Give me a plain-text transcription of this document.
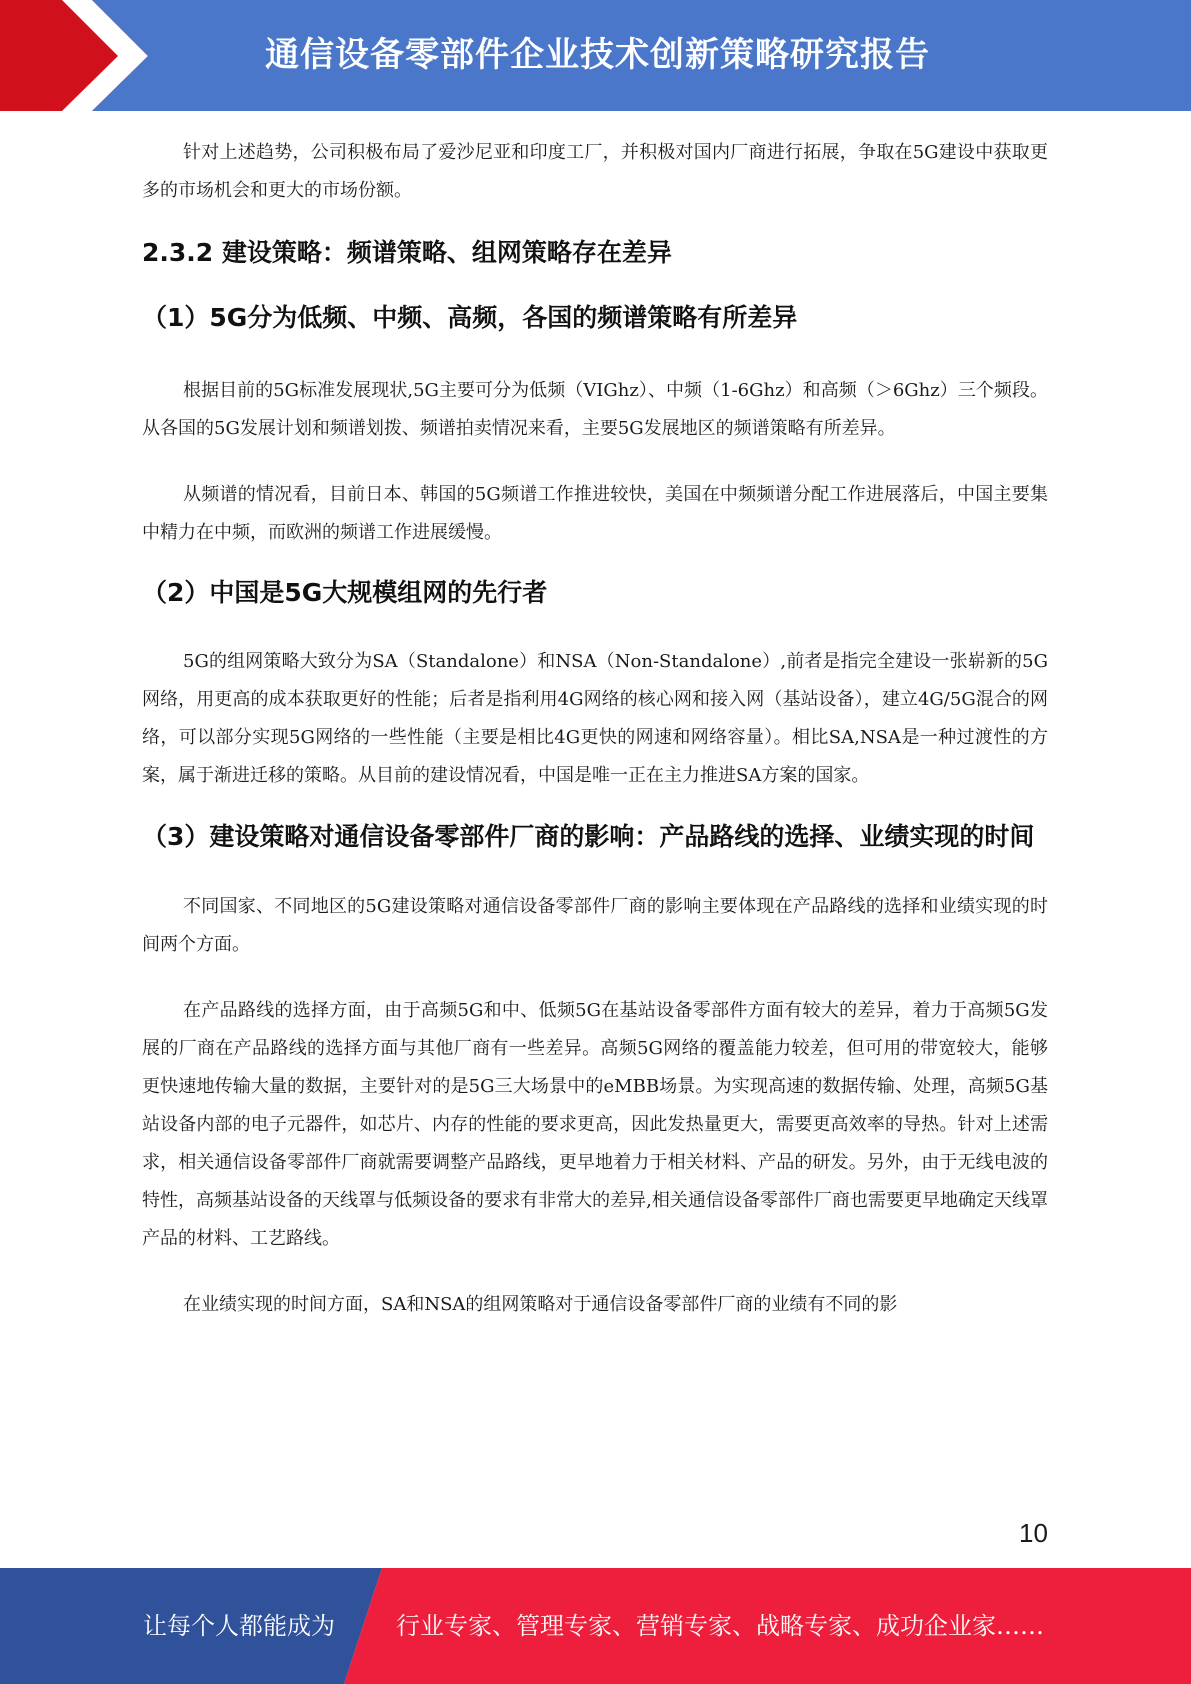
通信设备零部件企业技术创新策略研究报告

针对上述趋势，公司积极布局了爱沙尼亚和印度工厂，并积极对国内厂商进行拓展，争取在5G建设中获取更多的市场机会和更大的市场份额。

2.3.2 建设策略：频谱策略、组网策略存在差异
（1）5G分为低频、中频、高频，各国的频谱策略有所差异

根据目前的5G标准发展现状,5G主要可分为低频（VIGhz）、中频（1-6Ghz）和高频（＞6Ghz）三个频段。从各国的5G发展计划和频谱划拨、频谱拍卖情况来看，主要5G发展地区的频谱策略有所差异。

从频谱的情况看，目前日本、韩国的5G频谱工作推进较快，美国在中频频谱分配工作进展落后，中国主要集中精力在中频，而欧洲的频谱工作进展缓慢。

（2）中国是5G大规模组网的先行者

5G的组网策略大致分为SA（Standalone）和NSA（Non-Standalone）,前者是指完全建设一张崭新的5G网络，用更高的成本获取更好的性能；后者是指利用4G网络的核心网和接入网（基站设备），建立4G/5G混合的网络，可以部分实现5G网络的一些性能（主要是相比4G更快的网速和网络容量）。相比SA,NSA是一种过渡性的方案，属于渐进迁移的策略。从目前的建设情况看，中国是唯一正在主力推进SA方案的国家。

（3）建设策略对通信设备零部件厂商的影响：产品路线的选择、业绩实现的时间

不同国家、不同地区的5G建设策略对通信设备零部件厂商的影响主要体现在产品路线的选择和业绩实现的时间两个方面。

在产品路线的选择方面，由于高频5G和中、低频5G在基站设备零部件方面有较大的差异，着力于高频5G发展的厂商在产品路线的选择方面与其他厂商有一些差异。高频5G网络的覆盖能力较差，但可用的带宽较大，能够更快速地传输大量的数据，主要针对的是5G三大场景中的eMBB场景。为实现高速的数据传输、处理，高频5G基站设备内部的电子元器件，如芯片、内存的性能的要求更高，因此发热量更大，需要更高效率的导热。针对上述需求，相关通信设备零部件厂商就需要调整产品路线，更早地着力于相关材料、产品的研发。另外，由于无线电波的特性，高频基站设备的天线罩与低频设备的要求有非常大的差异,相关通信设备零部件厂商也需要更早地确定天线罩产品的材料、工艺路线。

在业绩实现的时间方面，SA和NSA的组网策略对于通信设备零部件厂商的业绩有不同的影

10
让每个人都能成为	行业专家、管理专家、营销专家、战略专家、成功企业家……
